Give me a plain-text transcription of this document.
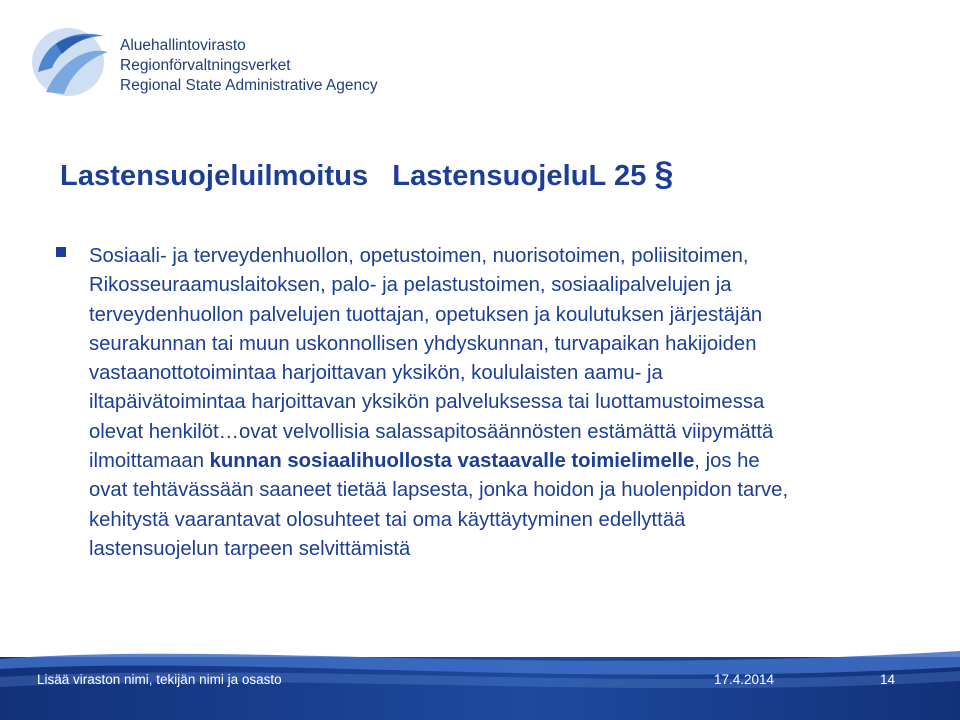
Aluehallintovirasto
Regionförvaltningsverket
Regional State Administrative Agency
Lastensuojeluilmoitus LastensuojeluL 25 §
Sosiaali- ja terveydenhuollon, opetustoimen, nuorisotoimen, poliisitoimen,
Rikosseuraamuslaitoksen, palo- ja pelastustoimen, sosiaalipalvelujen ja
terveydenhuollon palvelujen tuottajan, opetuksen ja koulutuksen järjestäjän
seurakunnan tai muun uskonnollisen yhdyskunnan, turvapaikan hakijoiden
vastaanottotoimintaa harjoittavan yksikön, koululaisten aamu- ja
iltapäivätoimintaa harjoittavan yksikön palveluksessa tai luottamustoimessa
olevat henkilöt…ovat velvollisia salassapitosäännösten estämättä viipymättä
ilmoittamaan kunnan sosiaalihuollosta vastaavalle toimielimelle, jos he
ovat tehtävässään saaneet tietää lapsesta, jonka hoidon ja huolenpidon tarve,
kehitystä vaarantavat olosuhteet tai oma käyttäytyminen edellyttää
lastensuojelun tarpeen selvittämistä
Lisää viraston nimi, tekijän nimi ja osasto	17.4.2014	14
